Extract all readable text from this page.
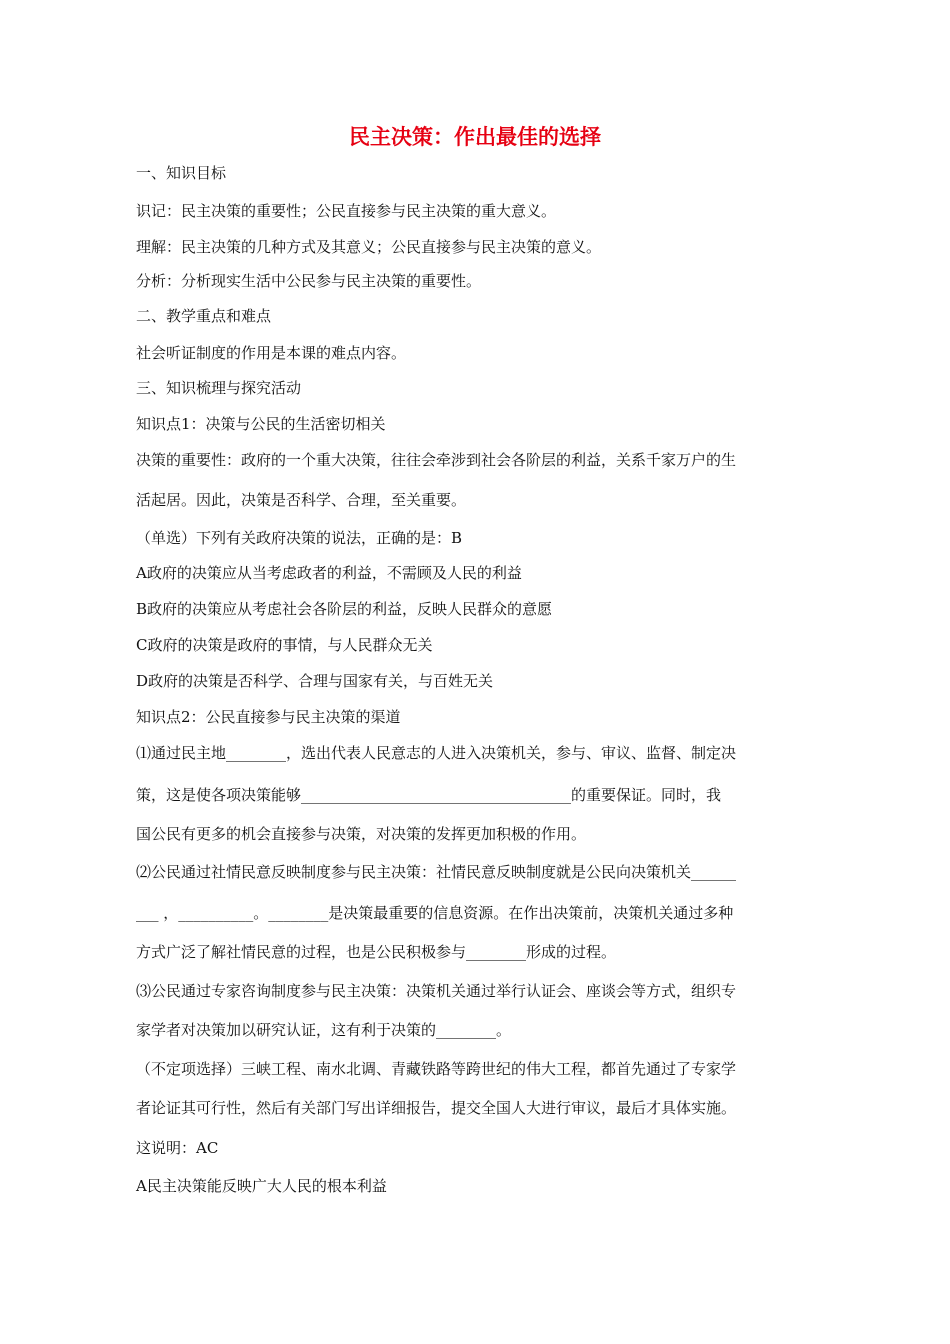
民主决策：作出最佳的选择
一、知识目标
识记：民主决策的重要性；公民直接参与民主决策的重大意义。
理解：民主决策的几种方式及其意义；公民直接参与民主决策的意义。
分析：分析现实生活中公民参与民主决策的重要性。
二、教学重点和难点
社会听证制度的作用是本课的难点内容。
三、知识梳理与探究活动
知识点1：决策与公民的生活密切相关
决策的重要性：政府的一个重大决策，往往会牵涉到社会各阶层的利益，关系千家万户的生
活起居。因此，决策是否科学、合理，至关重要。
（单选）下列有关政府决策的说法，正确的是：B
A政府的决策应从当考虑政者的利益，不需顾及人民的利益
B政府的决策应从考虑社会各阶层的利益，反映人民群众的意愿
C政府的决策是政府的事情，与人民群众无关
D政府的决策是否科学、合理与国家有关，与百姓无关
知识点2：公民直接参与民主决策的渠道
⑴通过民主地________，选出代表人民意志的人进入决策机关，参与、审议、监督、制定决
策，这是使各项决策能够____________________________________的重要保证。同时，我
国公民有更多的机会直接参与决策，对决策的发挥更加积极的作用。
⑵公民通过社情民意反映制度参与民主决策：社情民意反映制度就是公民向决策机关______
___ ，__________。________是决策最重要的信息资源。在作出决策前，决策机关通过多种
方式广泛了解社情民意的过程，也是公民积极参与________形成的过程。
⑶公民通过专家咨询制度参与民主决策：决策机关通过举行认证会、座谈会等方式，组织专
家学者对决策加以研究认证，这有利于决策的________。
（不定项选择）三峡工程、南水北调、青藏铁路等跨世纪的伟大工程，都首先通过了专家学
者论证其可行性，然后有关部门写出详细报告，提交全国人大进行审议，最后才具体实施。
这说明：AC
A民主决策能反映广大人民的根本利益
